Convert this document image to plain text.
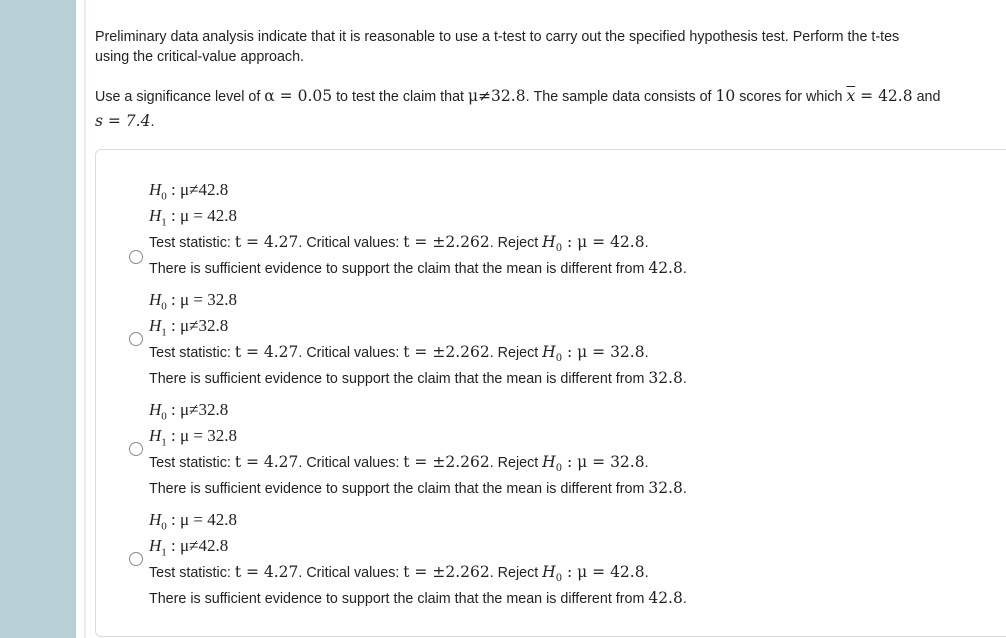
Preliminary data analysis indicate that it is reasonable to use a t-test to carry out the specified hypothesis test. Perform the t-tes
using the critical-value approach.
Use a significance level of α = 0.05 to test the claim that μ≠32.8. The sample data consists of 10 scores for which $\overline{x} = 42.8$ and
s = 7.4.
$H_0$ : μ≠42.8
$H_1$ : μ = 42.8
Test statistic: t = 4.27. Critical values: t = ±2.262. Reject $H_0$ : μ = 42.8.
There is sufficient evidence to support the claim that the mean is different from 42.8.
$H_0$ : μ = 32.8
$H_1$ : μ≠32.8
Test statistic: t = 4.27. Critical values: t = ±2.262. Reject $H_0$ : μ = 32.8.
There is sufficient evidence to support the claim that the mean is different from 32.8.
$H_0$ : μ≠32.8
$H_1$ : μ = 32.8
Test statistic: t = 4.27. Critical values: t = ±2.262. Reject $H_0$ : μ = 32.8.
There is sufficient evidence to support the claim that the mean is different from 32.8.
$H_0$ : μ = 42.8
$H_1$ : μ≠42.8
Test statistic: t = 4.27. Critical values: t = ±2.262. Reject $H_0$ : μ = 42.8.
There is sufficient evidence to support the claim that the mean is different from 42.8.
